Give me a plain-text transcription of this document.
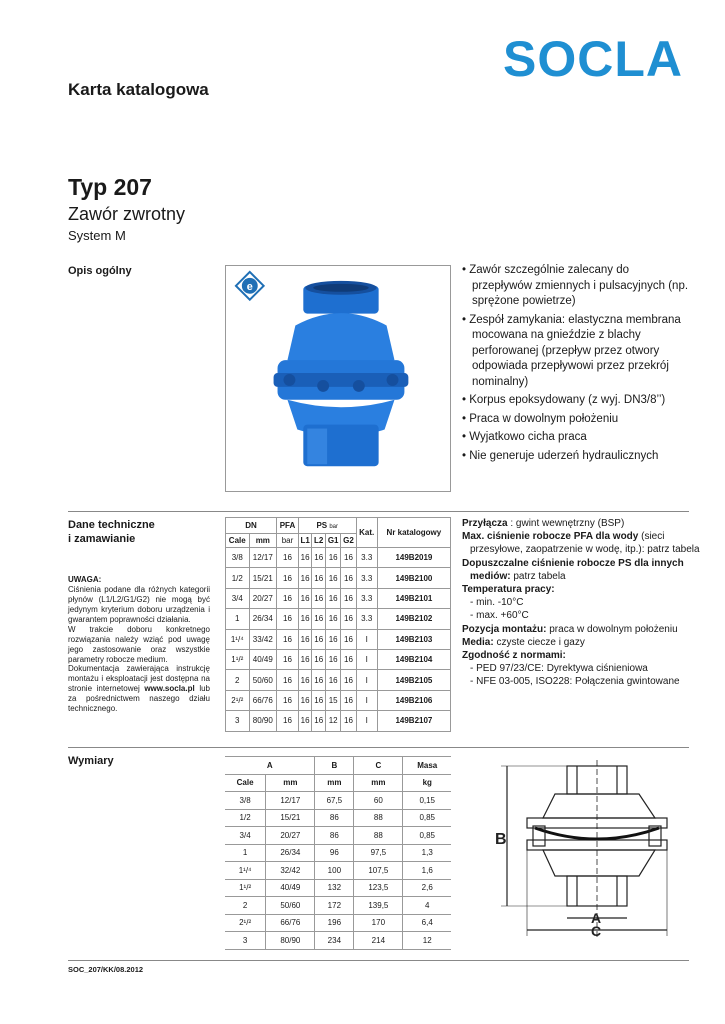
SOCLA
Karta katalogowa
Typ 207
Zawór zwrotny
System M
Opis ogólny
e
• Zawór szczególnie zalecany do przepływów zmiennych i pulsacyjnych (np. sprężone powietrze)
• Zespół zamykania: elastyczna membrana mocowana na gnieździe z blachy perforowanej (przepływ przez otwory odpowiada przepływowi przez przekrój nominalny)
• Korpus epoksydowany (z wyj. DN3/8’’)
• Praca w dowolnym położeniu
• Wyjatkowo cicha praca
• Nie generuje uderzeń hydraulicznych
Dane techniczne
i zamawianie
UWAGA:

Ciśnienia podane dla różnych kategorii płynów (L1/L2/G1/G2) nie mogą być jedynym kryterium doboru urządzenia i gwarantem poprawności działania.

W trakcie doboru konkretnego rozwiązania należy wziąć pod uwagę jego zastosowanie oraz wszystkie parametry robocze medium.

Dokumentacja zawierająca instrukcję montażu i eksploatacji jest dostępna na stronie internetowej www.socla.pl lub za pośrednictwem naszego działu technicznego.
DN		PFA	PS bar				Kat.	Nr katalogowy
Cale	mm	bar	L1	L2	G1	G2		
3/8	12/17	16	16	16	16	16	3.3	149B2019
1/2	15/21	16	16	16	16	16	3.3	149B2100
3/4	20/27	16	16	16	16	16	3.3	149B2101
1	26/34	16	16	16	16	16	3.3	149B2102
1¹/⁴	33/42	16	16	16	16	16	I	149B2103
1¹/²	40/49	16	16	16	16	16	I	149B2104
2	50/60	16	16	16	16	16	I	149B2105
2¹/²	66/76	16	16	16	15	16	I	149B2106
3	80/90	16	16	16	12	16	I	149B2107
Przyłącza : gwint wewnętrzny (BSP)
Max. ciśnienie robocze PFA dla wody (sieci przesyłowe, zaopatrzenie w wodę, itp.): patrz tabela
Dopuszczalne ciśnienie robocze PS dla innych mediów: patrz tabela
Temperatura pracy:
- min. -10°C
- max. +60°C
Pozycja montażu: praca w dowolnym położeniu
Media: czyste ciecze i gazy
Zgodność z normami:
- PED 97/23/CE: Dyrektywa ciśnieniowa
- NFE 03-005, ISO228: Połączenia gwintowane
Wymiary	A		B	C	Masa
Cale	mm	mm	mm	kg
3/8	12/17	67,5	60	0,15
1/2	15/21	86	88	0,85
3/4	20/27	86	88	0,85
1	26/34	96	97,5	1,3
1¹/⁴	32/42	100	107,5	1,6
1¹/²	40/49	132	123,5	2,6
2	50/60	172	139,5	4
2¹/²	66/76	196	170	6,4
3	80/90	234	214	12
B
A
C
SOC_207/KK/08.2012
